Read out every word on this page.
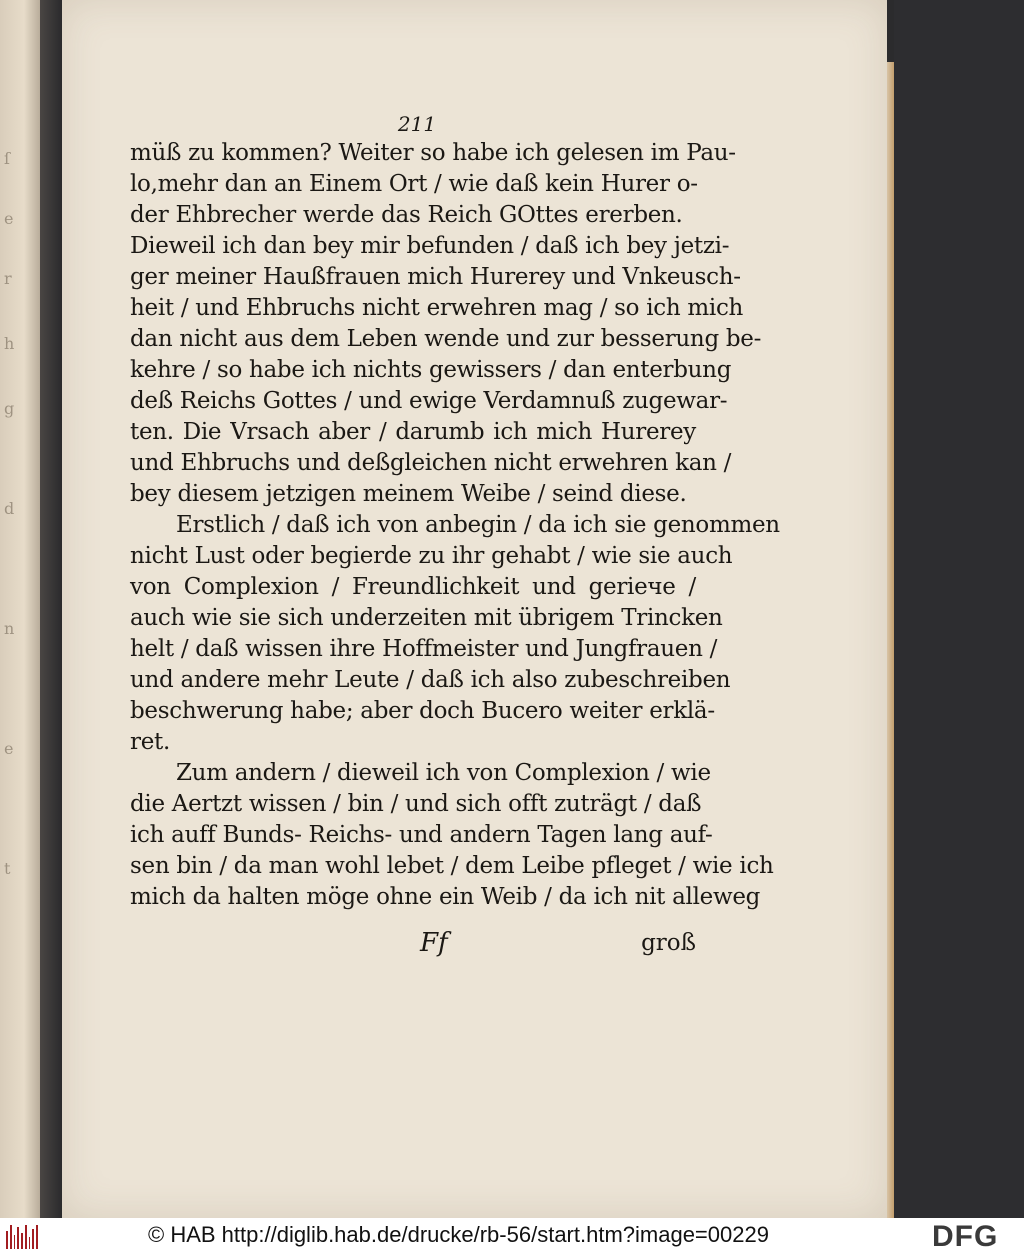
ſ
e
r
h
g
d
n
e
t
211
müß zu kommen? Weiter so habe ich gelesen im Pau-
lo,mehr dan an Einem Ort / wie daß kein Hurer o-
der Ehbrecher werde das Reich GOttes ererben.
Dieweil ich dan bey mir befunden / daß ich bey jetzi-
ger meiner Haußfrauen mich Hurerey und Vnkeusch-
heit / und Ehbruchs nicht erwehren mag / so ich mich
dan nicht aus dem Leben wende und zur besserung be-
kehre / so habe ich nichts gewissers / dan enterbung
deß Reichs Gottes / und ewige Verdamnuß zugewar-
ten. Die Vrsach aber / darumb ich mich Hurerey
und Ehbruchs und deßgleichen nicht erwehren kan /
bey diesem jetzigen meinem Weibe / seind diese.
Erstlich / daß ich von anbegin / da ich sie genommen
nicht Lust oder begierde zu ihr gehabt / wie sie auch
von Complexion / Freundlichkeit und geriече /
auch wie sie sich underzeiten mit übrigem Trincken
helt / daß wissen ihre Hoffmeister und Jungfrauen /
und andere mehr Leute / daß ich also zubeschreiben
beschwerung habe; aber doch Bucero weiter erklä-
ret.
Zum andern / dieweil ich von Complexion / wie
die Aertzt wissen / bin / und sich offt zuträgt / daß
ich auff Bunds- Reichs- und andern Tagen lang auf-
sen bin / da man wohl lebet / dem Leibe pfleget / wie ich
mich da halten möge ohne ein Weib / da ich nit alleweg
Ff	groß
© HAB http://diglib.hab.de/drucke/rb-56/start.htm?image=00229	DFG
